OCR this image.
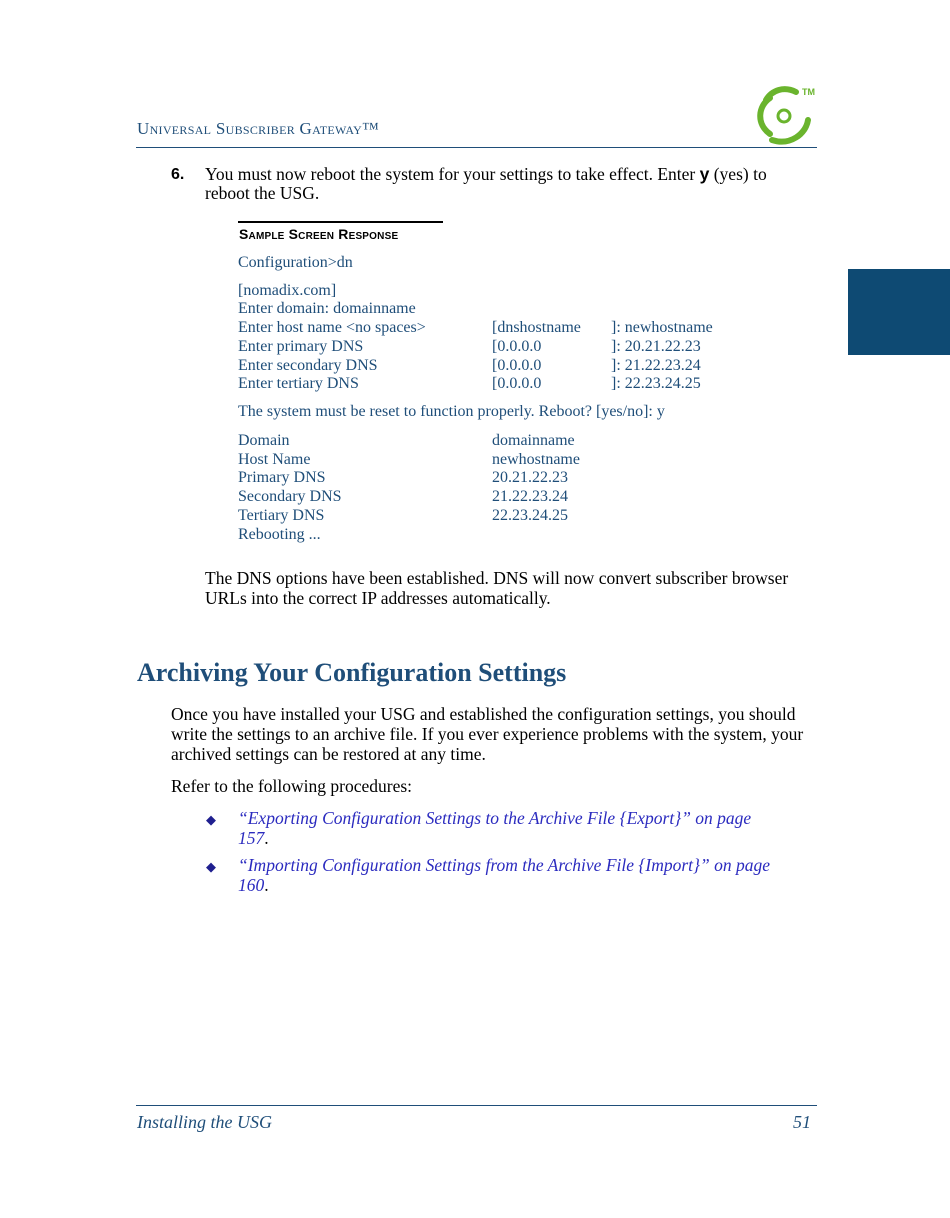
Universal Subscriber Gateway™
TM
6. You must now reboot the system for your settings to take effect. Enter y (yes) to reboot the USG.
Sample Screen Response
Configuration>dn
[nomadix.com]
Enter domain: domainname
Enter host name <no spaces>	[dnshostname ]: newhostname
Enter primary DNS	[0.0.0.0	]: 20.21.22.23
Enter secondary DNS	[0.0.0.0	]: 21.22.23.24
Enter tertiary DNS	[0.0.0.0	]: 22.23.24.25
The system must be reset to function properly. Reboot? [yes/no]: y
Domain	domainname
Host Name	newhostname
Primary DNS	20.21.22.23
Secondary DNS	21.22.23.24
Tertiary DNS	22.23.24.25
Rebooting ...
The DNS options have been established. DNS will now convert subscriber browser URLs into the correct IP addresses automatically.
Archiving Your Configuration Settings
Once you have installed your USG and established the configuration settings, you should write the settings to an archive file. If you ever experience problems with the system, your archived settings can be restored at any time.
Refer to the following procedures:
◆ “Exporting Configuration Settings to the Archive File {Export}” on page 157.
◆ “Importing Configuration Settings from the Archive File {Import}” on page 160.
Installing the USG	51
